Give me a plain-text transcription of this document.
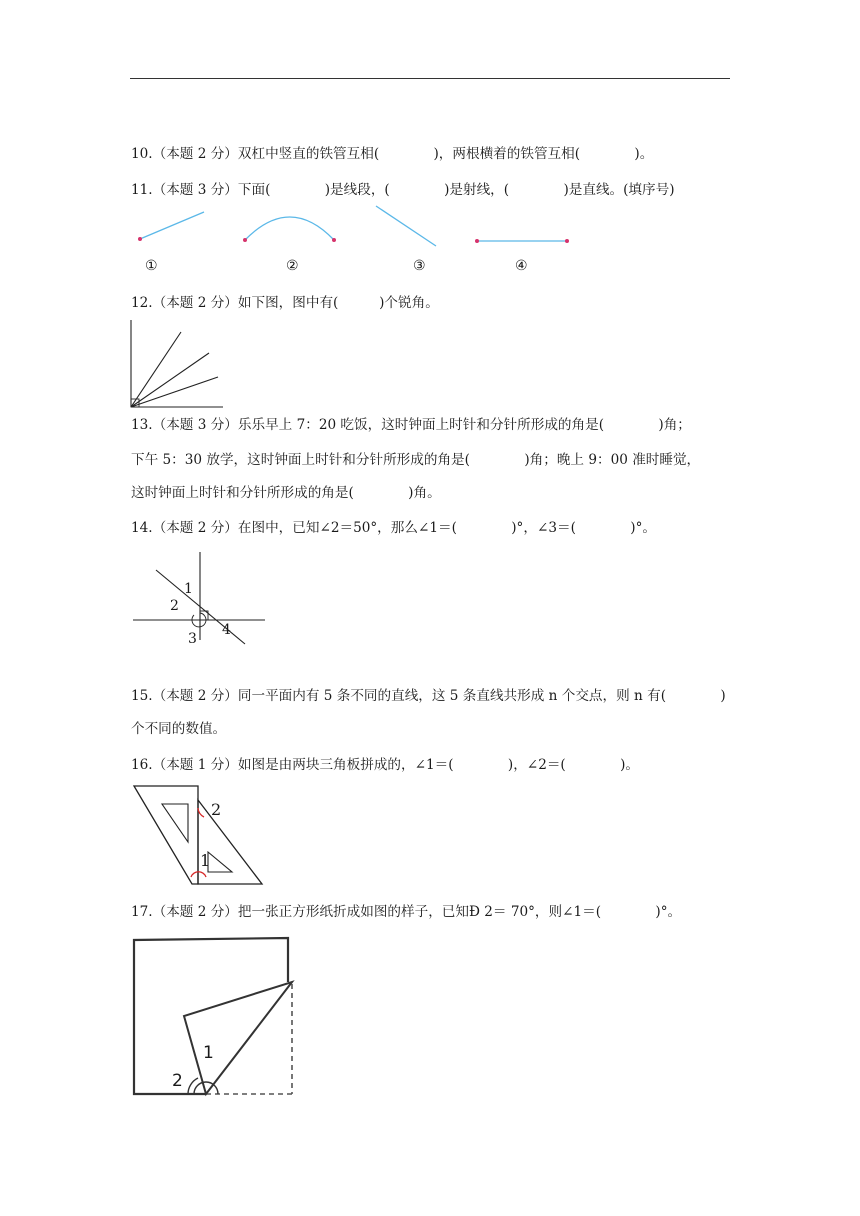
10.（本题 2 分）双杠中竖直的铁管互相(　　　　)，两根横着的铁管互相(　　　　)。
11.（本题 3 分）下面(　　　　)是线段，(　　　　)是射线，(　　　　)是直线。(填序号)
①	②	③	④
12.（本题 2 分）如下图，图中有(　　　)个锐角。
13.（本题 3 分）乐乐早上 7：20 吃饭，这时钟面上时针和分针所形成的角是(　　　　)角；
下午 5：30 放学，这时钟面上时针和分针所形成的角是(　　　　)角；晚上 9：00 准时睡觉，
这时钟面上时针和分针所形成的角是(　　　　)角。
14.（本题 2 分）在图中，已知∠2＝50°，那么∠1＝(　　　　)°，∠3＝(　　　　)°。
1
2
3
4
15.（本题 2 分）同一平面内有 5 条不同的直线，这 5 条直线共形成 n 个交点，则 n 有(　　　　)
个不同的数值。
16.（本题 1 分）如图是由两块三角板拼成的，∠1＝(　　　　)，∠2＝(　　　　)。
2
1
17.（本题 2 分）把一张正方形纸折成如图的样子，已知Ð 2＝ 70°，则∠1＝(　　　　)°。
1
2
